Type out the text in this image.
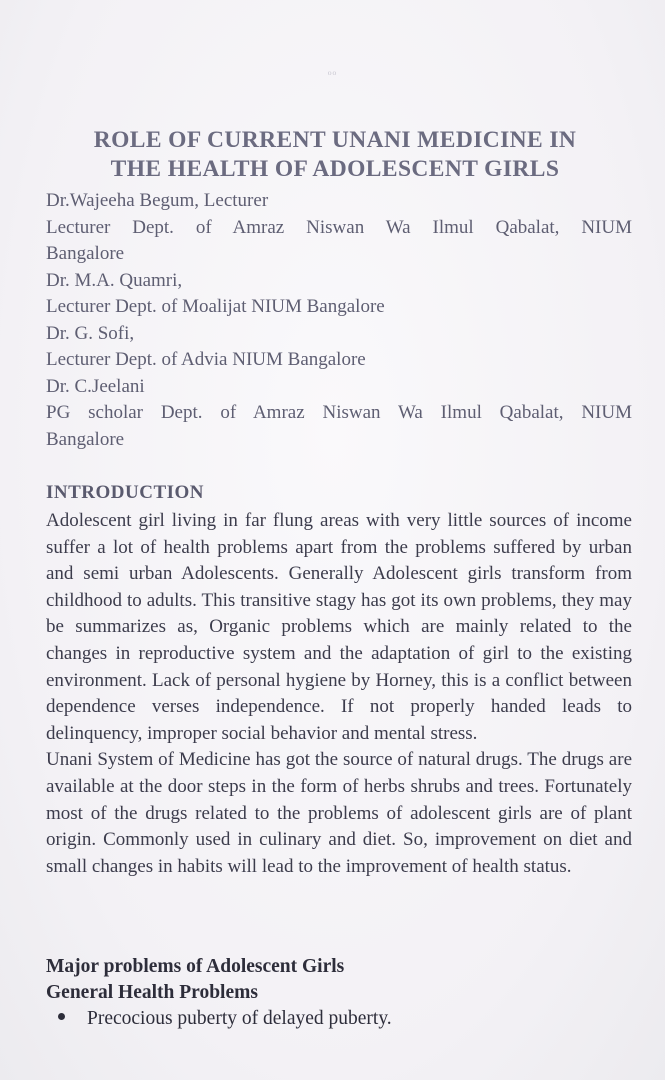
ₒₒ
ROLE OF CURRENT UNANI MEDICINE IN
THE HEALTH OF ADOLESCENT GIRLS
Dr.Wajeeha Begum, Lecturer
Lecturer Dept. of Amraz Niswan Wa Ilmul Qabalat, NIUM
Bangalore
Dr. M.A. Quamri,
Lecturer Dept. of Moalijat NIUM Bangalore
Dr. G. Sofi,
Lecturer Dept. of Advia NIUM Bangalore
Dr. C.Jeelani
PG scholar Dept. of Amraz Niswan Wa Ilmul Qabalat, NIUM
Bangalore
INTRODUCTION

Adolescent girl living in far flung areas with very little sources of income suffer a lot of health problems apart from the problems suffered by urban and semi urban Adolescents. Generally Adolescent girls transform from childhood to adults. This transitive stagy has got its own problems, they may be summarizes as, Organic problems which are mainly related to the changes in reproductive system and the adaptation of girl to the existing environment. Lack of personal hygiene by Horney, this is a conflict between dependence verses independence. If not properly handed leads to delinquency, improper social behavior and mental stress.

Unani System of Medicine has got the source of natural drugs. The drugs are available at the door steps in the form of herbs shrubs and trees. Fortunately most of the drugs related to the problems of adolescent girls are of plant origin. Commonly used in culinary and diet. So, improvement on diet and small changes in habits will lead to the improvement of health status.

Major problems of Adolescent Girls
General Health Problems
Precocious puberty of delayed puberty.
